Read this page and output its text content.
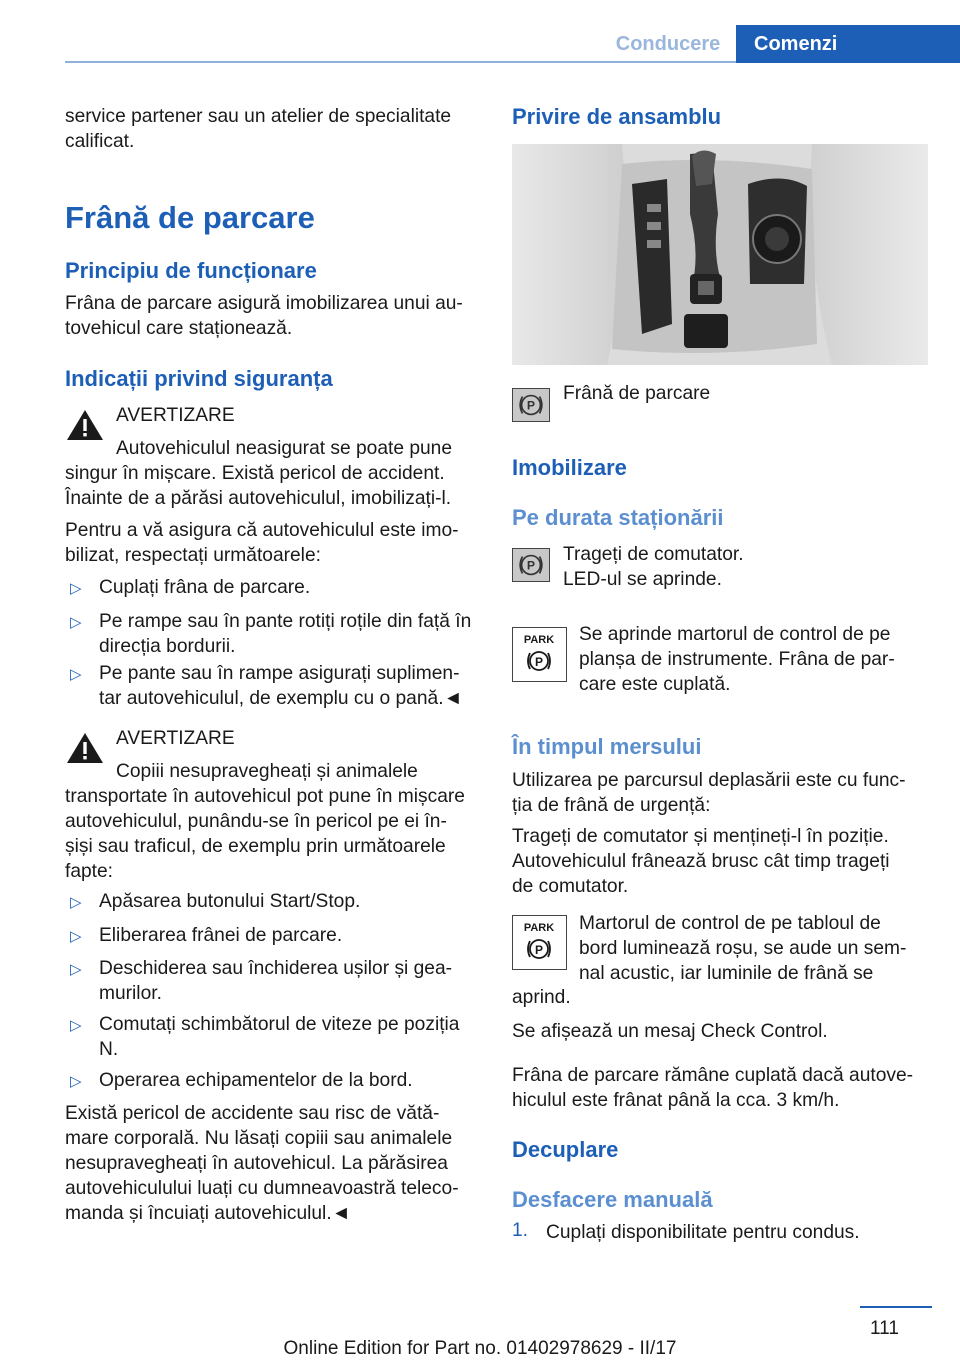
Conducere	Comenzi
service partener sau un atelier de specialitate
calificat.
Frână de parcare
Principiu de funcționare
Frâna de parcare asigură imobilizarea unui au-
tovehicul care staționează.
Indicații privind siguranța
AVERTIZARE
Autovehiculul neasigurat se poate pune
singur în mișcare. Există pericol de accident.
Înainte de a părăsi autovehiculul, imobilizați-l.
Pentru a vă asigura că autovehiculul este imo-
bilizat, respectați următoarele:
▷ Cuplați frâna de parcare.
▷ Pe rampe sau în pante rotiți roțile din față în
direcția bordurii.
▷ Pe pante sau în rampe asigurați suplimen-
tar autovehiculul, de exemplu cu o pană.◄
AVERTIZARE
Copiii nesupravegheați și animalele
transportate în autovehicul pot pune în mișcare
autovehiculul, punându-se în pericol pe ei în-
șiși sau traficul, de exemplu prin următoarele
fapte:
▷ Apăsarea butonului Start/Stop.
▷ Eliberarea frânei de parcare.
▷ Deschiderea sau închiderea ușilor și gea-
murilor.
▷ Comutați schimbătorul de viteze pe poziția
N.
▷ Operarea echipamentelor de la bord.
Există pericol de accidente sau risc de vătă-
mare corporală. Nu lăsați copiii sau animalele
nesupravegheați în autovehicul. La părăsirea
autovehiculului luați cu dumneavoastră teleco-
manda și încuiați autovehiculul.◄
Privire de ansamblu
P
Frână de parcare
Imobilizare
Pe durata staționării
P
Trageți de comutator.
LED-ul se aprinde.
PARK
P
Se aprinde martorul de control de pe
planșa de instrumente. Frâna de par-
care este cuplată.
În timpul mersului
Utilizarea pe parcursul deplasării este cu func-
ția de frână de urgență:
Trageți de comutator și mențineți-l în poziție.
Autovehiculul frânează brusc cât timp trageți
de comutator.
PARK
P
Martorul de control de pe tabloul de
bord luminează roșu, se aude un sem-
nal acustic, iar luminile de frână se
aprind.
Se afișează un mesaj Check Control.
Frâna de parcare rămâne cuplată dacă autove-
hiculul este frânat până la cca. 3 km/h.
Decuplare
Desfacere manuală
1. Cuplați disponibilitate pentru condus.
111
Online Edition for Part no. 01402978629 - II/17
